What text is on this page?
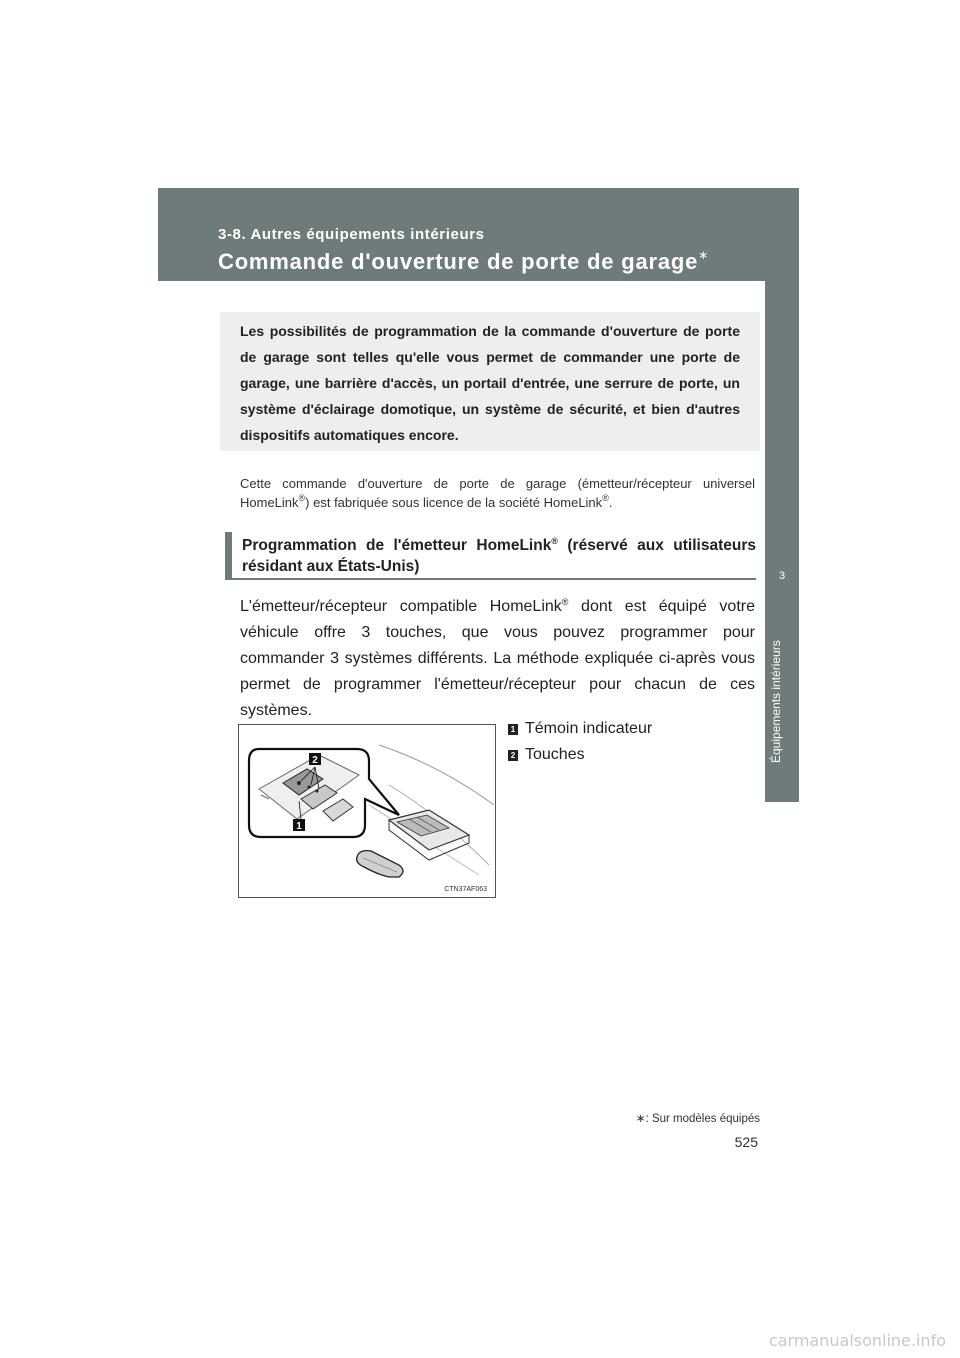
3-8. Autres équipements intérieurs
Commande d'ouverture de porte de garage∗
3
Équipements intérieurs

Les possibilités de programmation de la commande d'ouverture de porte de garage sont telles qu'elle vous permet de commander une porte de garage, une barrière d'accès, un portail d'entrée, une serrure de porte, un système d'éclairage domotique, un système de sécurité, et bien d'autres dispositifs automatiques encore.

Cette commande d'ouverture de porte de garage (émetteur/récepteur universel HomeLink®) est fabriquée sous licence de la société HomeLink®.
Programmation de l'émetteur HomeLink® (réservé aux utilisateurs résidant aux États-Unis)
L'émetteur/récepteur compatible HomeLink® dont est équipé votre véhicule offre 3 touches, que vous pouvez programmer pour commander 3 systèmes différents. La méthode expliquée ci-après vous permet de programmer l'émetteur/récepteur pour chacun de ces systèmes.
2
1
CTN37AF063
1 Témoin indicateur
2 Touches
∗: Sur modèles équipés
525
carmanualsonline.info
